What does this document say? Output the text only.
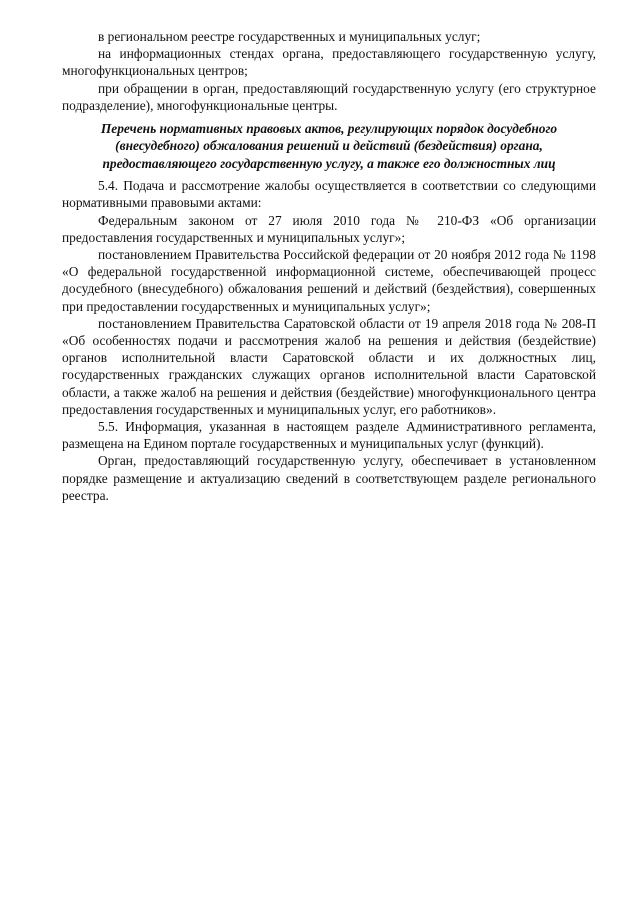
в региональном реестре государственных и муниципальных услуг;

на информационных стендах органа, предоставляющего государственную услугу, многофункциональных центров;

при обращении в орган, предоставляющий государственную услугу (его структурное подразделение), многофункциональные центры.

Перечень нормативных правовых актов, регулирующих порядок досудебного (внесудебного) обжалования решений и действий (бездействия) органа, предоставляющего государственную услугу, а также его должностных лиц

5.4. Подача и рассмотрение жалобы осуществляется в соответствии со следующими нормативными правовыми актами:

Федеральным законом от 27 июля 2010 года № 210-ФЗ «Об организации предоставления государственных и муниципальных услуг»;

постановлением Правительства Российской федерации от 20 ноября 2012 года № 1198 «О федеральной государственной информационной системе, обеспечивающей процесс досудебного (внесудебного) обжалования решений и действий (бездействия), совершенных при предоставлении государственных и муниципальных услуг»;

постановлением Правительства Саратовской области от 19 апреля 2018 года № 208-П «Об особенностях подачи и рассмотрения жалоб на решения и действия (бездействие) органов исполнительной власти Саратовской области и их должностных лиц, государственных гражданских служащих органов исполнительной власти Саратовской области, а также жалоб на решения и действия (бездействие) многофункционального центра предоставления государственных и муниципальных услуг, его работников».

5.5. Информация, указанная в настоящем разделе Административного регламента, размещена на Едином портале государственных и муниципальных услуг (функций).

Орган, предоставляющий государственную услугу, обеспечивает в установленном порядке размещение и актуализацию сведений в соответствующем разделе регионального реестра.
